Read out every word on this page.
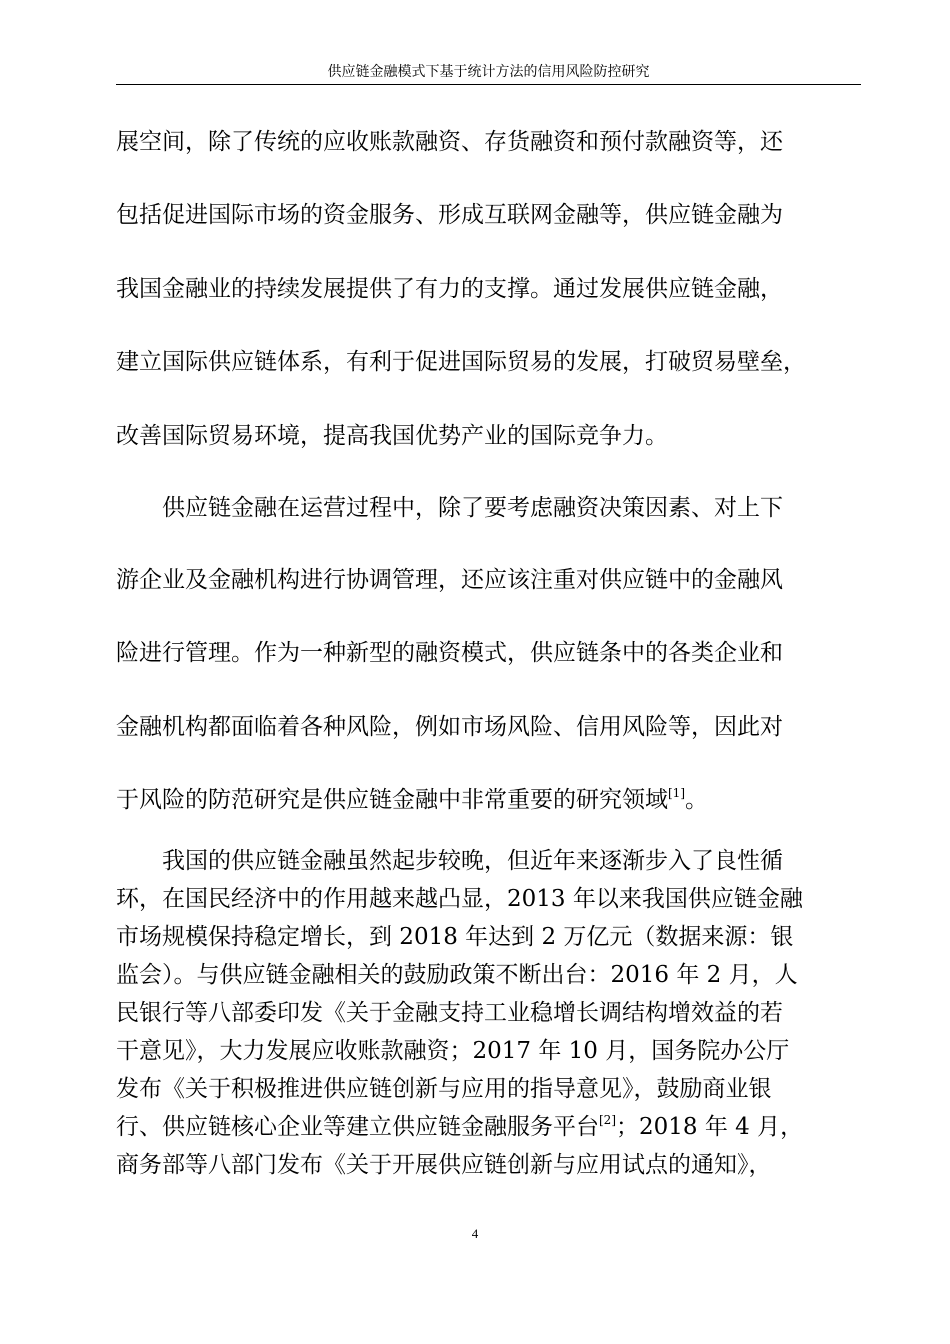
供应链金融模式下基于统计方法的信用风险防控研究
展空间，除了传统的应收账款融资、存货融资和预付款融资等，还
包括促进国际市场的资金服务、形成互联网金融等，供应链金融为
我国金融业的持续发展提供了有力的支撑。通过发展供应链金融，
建立国际供应链体系，有利于促进国际贸易的发展，打破贸易壁垒，
改善国际贸易环境，提高我国优势产业的国际竞争力。
供应链金融在运营过程中，除了要考虑融资决策因素、对上下
游企业及金融机构进行协调管理，还应该注重对供应链中的金融风
险进行管理。作为一种新型的融资模式，供应链条中的各类企业和
金融机构都面临着各种风险，例如市场风险、信用风险等，因此对
于风险的防范研究是供应链金融中非常重要的研究领域[1]。
我国的供应链金融虽然起步较晚，但近年来逐渐步入了良性循
环，在国民经济中的作用越来越凸显，2013 年以来我国供应链金融
市场规模保持稳定增长，到 2018 年达到 2 万亿元（数据来源：银
监会）。与供应链金融相关的鼓励政策不断出台：2016 年 2 月，人
民银行等八部委印发《关于金融支持工业稳增长调结构增效益的若
干意见》，大力发展应收账款融资；2017 年 10 月，国务院办公厅
发布《关于积极推进供应链创新与应用的指导意见》，鼓励商业银
行、供应链核心企业等建立供应链金融服务平台[2]；2018 年 4 月，
商务部等八部门发布《关于开展供应链创新与应用试点的通知》，
4
